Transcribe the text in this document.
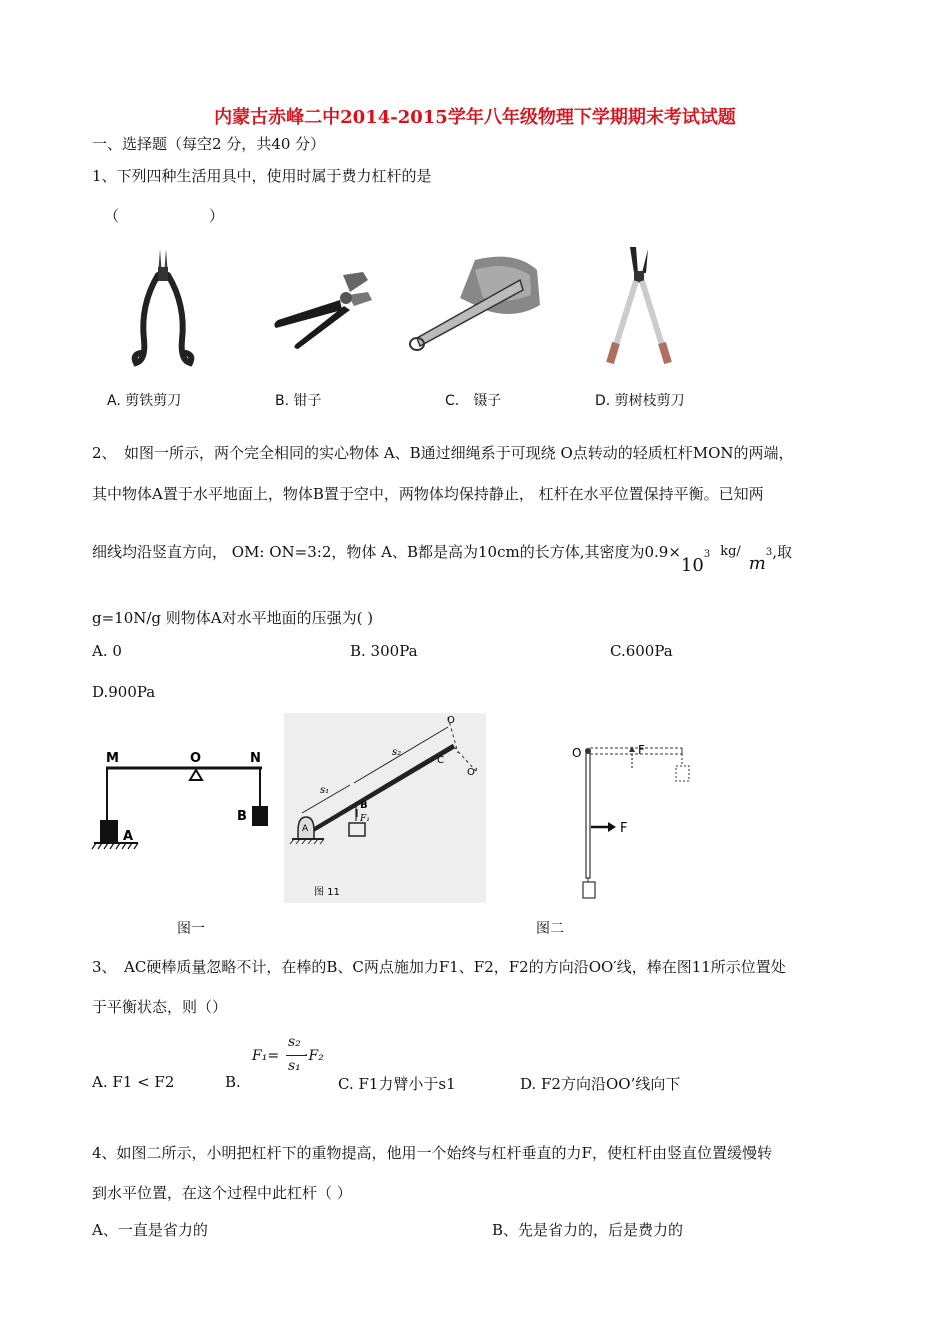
内蒙古赤峰二中2014-2015学年八年级物理下学期期末考试试题
一、选择题（每空2 分，共40 分）
1、下列四种生活用具中，使用时属于费力杠杆的是
（　　　　　　）
A. 剪铁剪刀	B. 钳子	C.　镊子	D. 剪树枝剪刀
2、　如图一所示，两个完全相同的实心物体 A、B通过细绳系于可现绕 O点转动的轻质杠杆MON的两端，
其中物体A置于水平地面上，物体B置于空中，两物体均保持静止， 杠杆在水平位置保持平衡。已知两
细线均沿竖直方向， OM: ON=3:2，物体 A、B都是高为10cm的长方体,其密度为$0.9\times 10^3$ $kg/m^3$,取
g=10N/g 则物体A对水平地面的压强为( )
A. 0	B. 300Pa	C.600Pa
D.900Pa
M	O	N
A
B
O
C
O'
s₁
s₂
A
B
F₁
图 11
O	F
F
图一	图二
3、　AC硬棒质量忽略不计，在棒的B、C两点施加力F1、F2，F2的方向沿OO′线，棒在图11所示位置处
于平衡状态，则（）
F₁=
s₂
s₁
·F₂
A. F1 < F2	B.	C. F1力臂小于s1	D. F2方向沿OO’线向下
4、如图二所示，小明把杠杆下的重物提高，他用一个始终与杠杆垂直的力F，使杠杆由竖直位置缓慢转
到水平位置，在这个过程中此杠杆（ ）
A、一直是省力的	B、先是省力的，后是费力的
